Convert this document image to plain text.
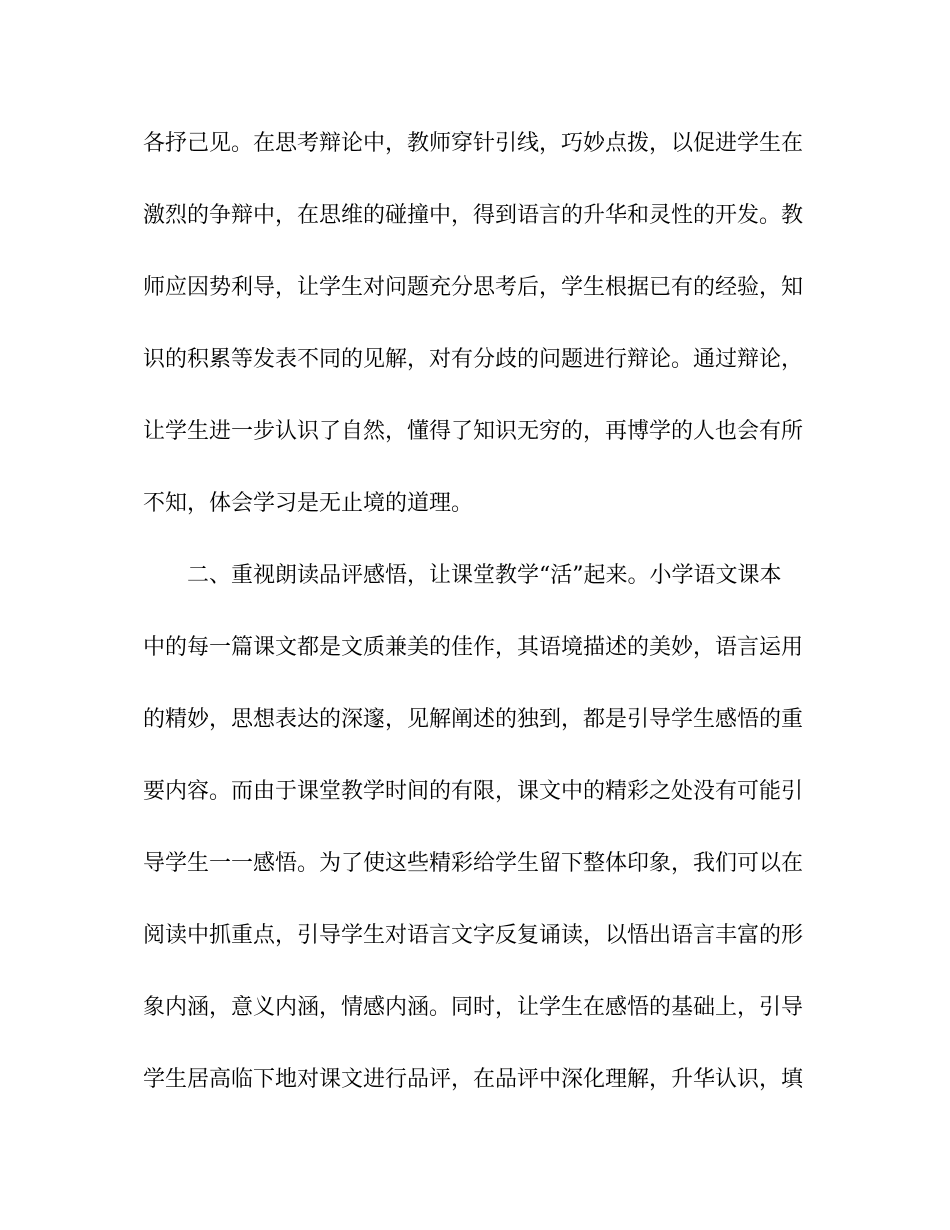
各抒己见。在思考辩论中，教师穿针引线，巧妙点拨，以促进学生在
激烈的争辩中，在思维的碰撞中，得到语言的升华和灵性的开发。教
师应因势利导，让学生对问题充分思考后，学生根据已有的经验，知
识的积累等发表不同的见解，对有分歧的问题进行辩论。通过辩论，
让学生进一步认识了自然，懂得了知识无穷的，再博学的人也会有所
不知，体会学习是无止境的道理。
二、重视朗读品评感悟，让课堂教学“活”起来。小学语文课本
中的每一篇课文都是文质兼美的佳作，其语境描述的美妙，语言运用
的精妙，思想表达的深邃，见解阐述的独到，都是引导学生感悟的重
要内容。而由于课堂教学时间的有限，课文中的精彩之处没有可能引
导学生一一感悟。为了使这些精彩给学生留下整体印象，我们可以在
阅读中抓重点，引导学生对语言文字反复诵读，以悟出语言丰富的形
象内涵，意义内涵，情感内涵。同时，让学生在感悟的基础上，引导
学生居高临下地对课文进行品评，在品评中深化理解，升华认识，填
